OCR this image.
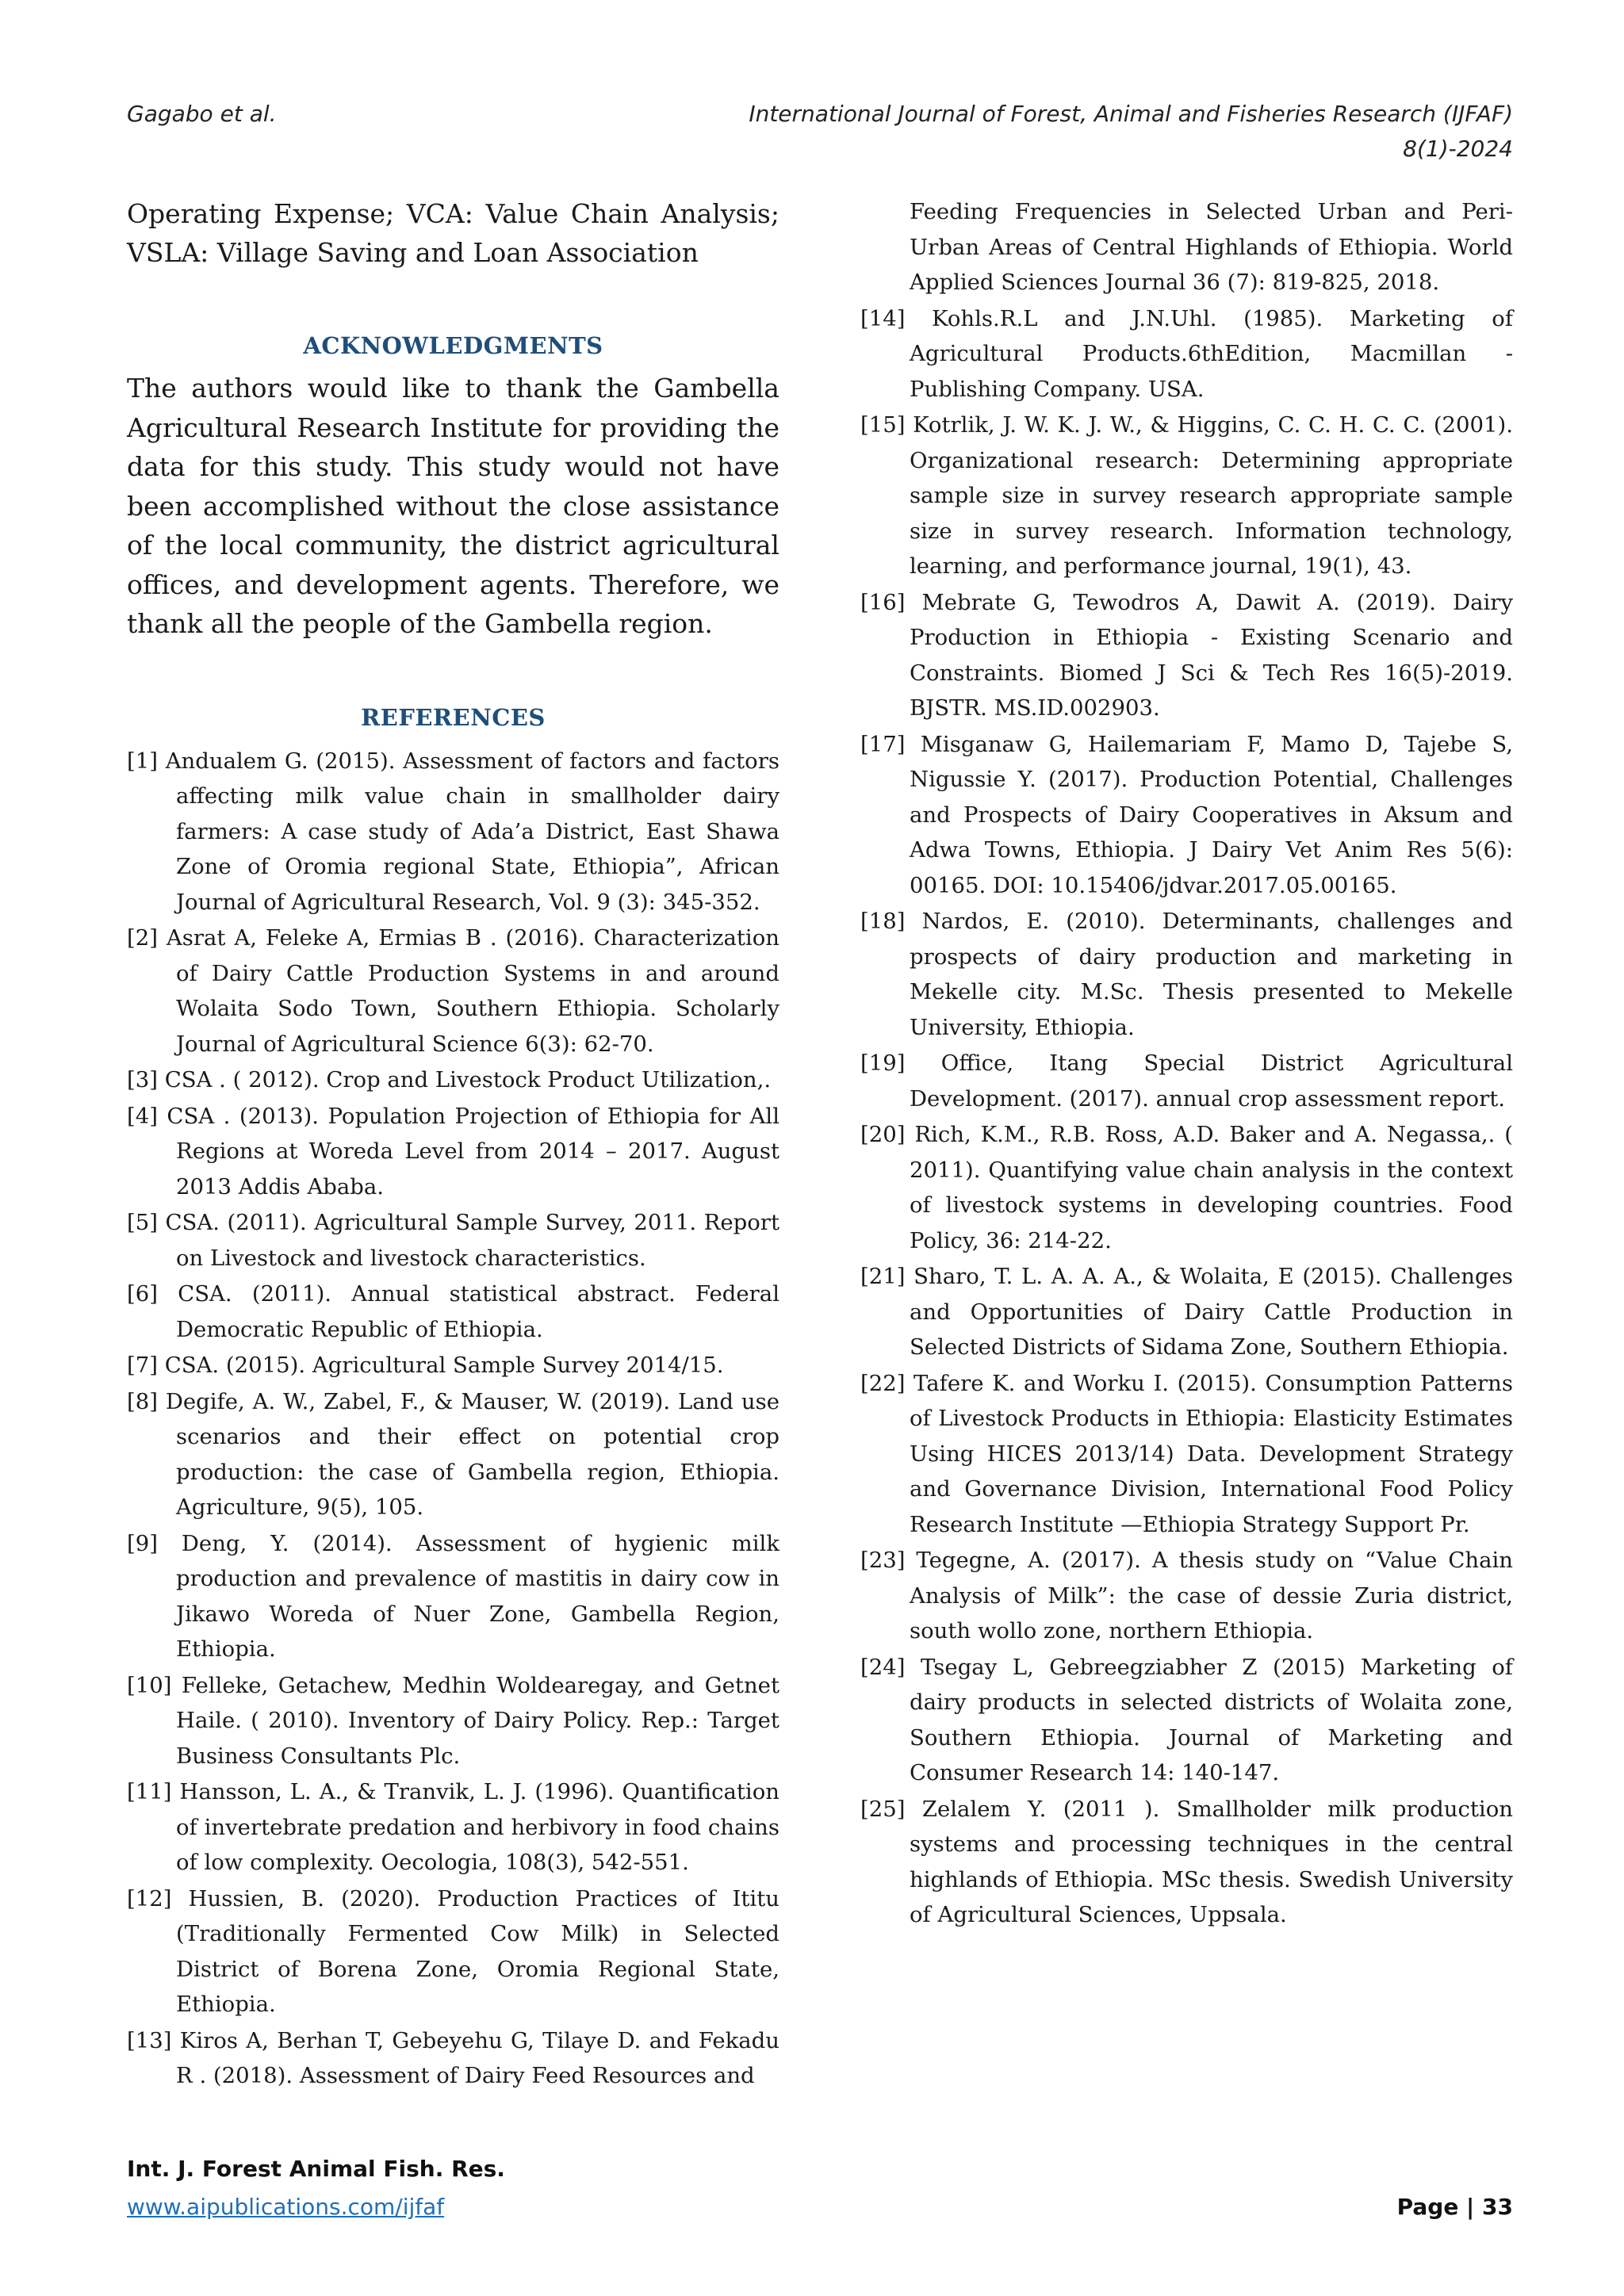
Gagabo et al.	International Journal of Forest, Animal and Fisheries Research (IJFAF)
8(1)-2024

Operating Expense; VCA: Value Chain Analysis; VSLA: Village Saving and Loan Association

ACKNOWLEDGMENTS

The authors would like to thank the Gambella Agricultural Research Institute for providing the data for this study. This study would not have been accomplished without the close assistance of the local community, the district agricultural offices, and development agents. Therefore, we thank all the people of the Gambella region.

REFERENCES

[1] Andualem G. (2015). Assessment of factors and factors affecting milk value chain in smallholder dairy farmers: A case study of Ada’a District, East Shawa Zone of Oromia regional State, Ethiopia”, African Journal of Agricultural Research, Vol. 9 (3): 345-352.

[2] Asrat A, Feleke A, Ermias B . (2016). Characterization of Dairy Cattle Production Systems in and around Wolaita Sodo Town, Southern Ethiopia. Scholarly Journal of Agricultural Science 6(3): 62-70.

[3] CSA . ( 2012). Crop and Livestock Product Utilization,.

[4] CSA . (2013). Population Projection of Ethiopia for All Regions at Woreda Level from 2014 – 2017. August 2013 Addis Ababa.

[5] CSA. (2011). Agricultural Sample Survey, 2011. Report on Livestock and livestock characteristics.

[6] CSA. (2011). Annual statistical abstract. Federal Democratic Republic of Ethiopia.

[7] CSA. (2015). Agricultural Sample Survey 2014/15.

[8] Degife, A. W., Zabel, F., & Mauser, W. (2019). Land use scenarios and their effect on potential crop production: the case of Gambella region, Ethiopia. Agriculture, 9(5), 105.

[9] Deng, Y. (2014). Assessment of hygienic milk production and prevalence of mastitis in dairy cow in Jikawo Woreda of Nuer Zone, Gambella Region, Ethiopia.

[10] Felleke, Getachew, Medhin Woldearegay, and Getnet Haile. ( 2010). Inventory of Dairy Policy. Rep.: Target Business Consultants Plc.

[11] Hansson, L. A., & Tranvik, L. J. (1996). Quantification of invertebrate predation and herbivory in food chains of low complexity. Oecologia, 108(3), 542-551.

[12] Hussien, B. (2020). Production Practices of Ititu (Traditionally Fermented Cow Milk) in Selected District of Borena Zone, Oromia Regional State, Ethiopia.

[13] Kiros A, Berhan T, Gebeyehu G, Tilaye D. and Fekadu R . (2018). Assessment of Dairy Feed Resources and

Feeding Frequencies in Selected Urban and Peri-Urban Areas of Central Highlands of Ethiopia. World Applied Sciences Journal 36 (7): 819-825, 2018.

[14] Kohls.R.L and J.N.Uhl. (1985). Marketing of Agricultural Products.6thEdition, Macmillan - Publishing Company. USA.

[15] Kotrlik, J. W. K. J. W., & Higgins, C. C. H. C. C. (2001). Organizational research: Determining appropriate sample size in survey research appropriate sample size in survey research. Information technology, learning, and performance journal, 19(1), 43.

[16] Mebrate G, Tewodros A, Dawit A. (2019). Dairy Production in Ethiopia - Existing Scenario and Constraints. Biomed J Sci & Tech Res 16(5)-2019. BJSTR. MS.ID.002903.

[17] Misganaw G, Hailemariam F, Mamo D, Tajebe S, Nigussie Y. (2017). Production Potential, Challenges and Prospects of Dairy Cooperatives in Aksum and Adwa Towns, Ethiopia. J Dairy Vet Anim Res 5(6): 00165. DOI: 10.15406/jdvar.2017.05.00165.

[18] Nardos, E. (2010). Determinants, challenges and prospects of dairy production and marketing in Mekelle city. M.Sc. Thesis presented to Mekelle University, Ethiopia.

[19] Office, Itang Special District Agricultural Development. (2017). annual crop assessment report.

[20] Rich, K.M., R.B. Ross, A.D. Baker and A. Negassa,. ( 2011). Quantifying value chain analysis in the context of livestock systems in developing countries. Food Policy, 36: 214-22.

[21] Sharo, T. L. A. A. A., & Wolaita, E (2015). Challenges and Opportunities of Dairy Cattle Production in Selected Districts of Sidama Zone, Southern Ethiopia.

[22] Tafere K. and Worku I. (2015). Consumption Patterns of Livestock Products in Ethiopia: Elasticity Estimates Using HICES 2013/14) Data. Development Strategy and Governance Division, International Food Policy Research Institute —Ethiopia Strategy Support Pr.

[23] Tegegne, A. (2017). A thesis study on “Value Chain Analysis of Milk”: the case of dessie Zuria district, south wollo zone, northern Ethiopia.

[24] Tsegay L, Gebreegziabher Z (2015) Marketing of dairy products in selected districts of Wolaita zone, Southern Ethiopia. Journal of Marketing and Consumer Research 14: 140-147.

[25] Zelalem Y. (2011 ). Smallholder milk production systems and processing techniques in the central highlands of Ethiopia. MSc thesis. Swedish University of Agricultural Sciences, Uppsala.

Int. J. Forest Animal Fish. Res.
www.aipublications.com/ijfaf	Page | 33
